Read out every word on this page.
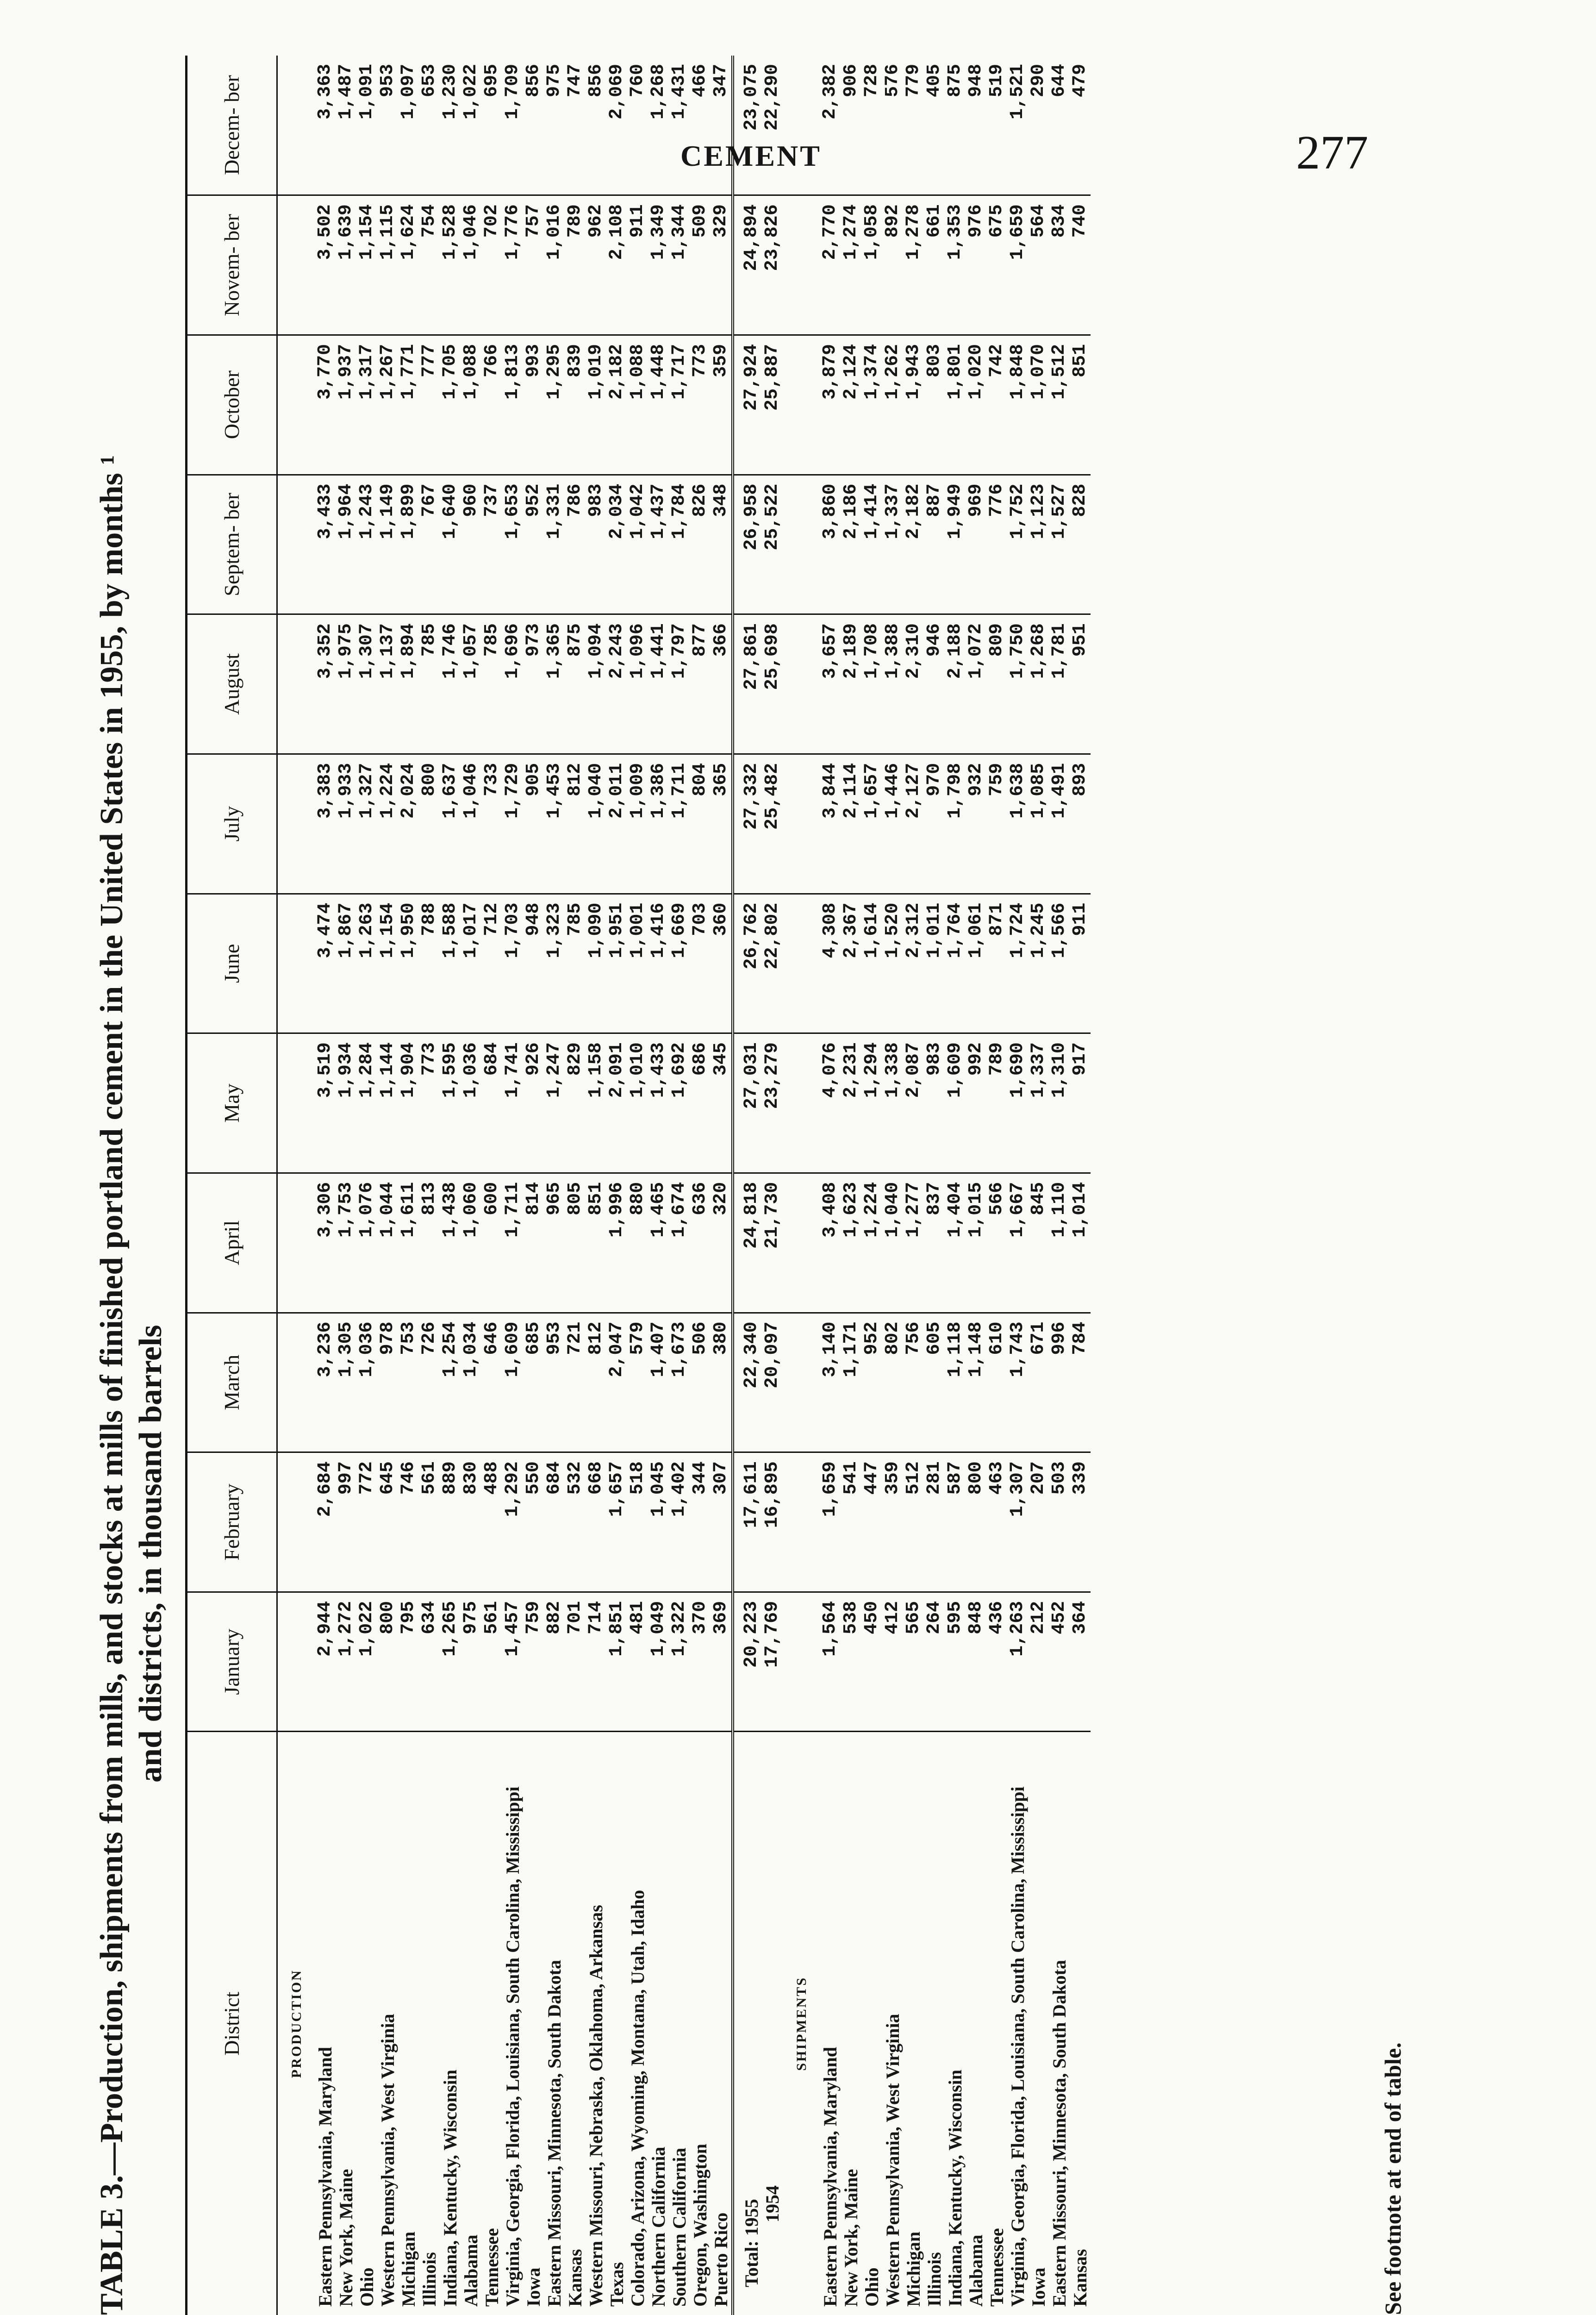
CEMENT	277
TABLE 3.—Production, shipments from mills, and stocks at mills of finished portland cement in the United States in 1955, by months ¹ and districts, in thousand barrels
District	January	February	March	April	May	June	July	August	Septem- ber	October	Novem- ber	Decem- ber
PRODUCTION												
Eastern Pennsylvania, Maryland	2,944	2,684	3,236	3,306	3,519	3,474	3,383	3,352	3,433	3,770	3,502	3,363
New York, Maine	1,272	997	1,305	1,753	1,934	1,867	1,933	1,975	1,964	1,937	1,639	1,487
Ohio	1,022	772	1,036	1,076	1,284	1,263	1,327	1,307	1,243	1,317	1,154	1,091
Western Pennsylvania, West Virginia	800	645	978	1,044	1,144	1,154	1,224	1,137	1,149	1,267	1,115	953
Michigan	795	746	753	1,611	1,904	1,950	2,024	1,894	1,899	1,771	1,624	1,097
Illinois	634	561	726	813	773	788	800	785	767	777	754	653
Indiana, Kentucky, Wisconsin	1,265	889	1,254	1,438	1,595	1,588	1,637	1,746	1,640	1,705	1,528	1,230
Alabama	975	830	1,034	1,060	1,036	1,017	1,046	1,057	960	1,088	1,046	1,022
Tennessee	561	488	646	600	684	712	733	785	737	766	702	695
Virginia, Georgia, Florida, Louisiana, South Carolina, Mississippi	1,457	1,292	1,609	1,711	1,741	1,703	1,729	1,696	1,653	1,813	1,776	1,709
Iowa	759	550	685	814	926	948	905	973	952	993	757	856
Eastern Missouri, Minnesota, South Dakota	882	684	953	965	1,247	1,323	1,453	1,365	1,331	1,295	1,016	975
Kansas	701	532	721	805	829	785	812	875	786	839	789	747
Western Missouri, Nebraska, Oklahoma, Arkansas	714	668	812	851	1,158	1,090	1,040	1,094	983	1,019	962	856
Texas	1,851	1,657	2,047	1,996	2,091	1,951	2,011	2,243	2,034	2,182	2,108	2,069
Colorado, Arizona, Wyoming, Montana, Utah, Idaho	481	518	579	880	1,010	1,001	1,009	1,096	1,042	1,088	911	760
Northern California	1,049	1,045	1,407	1,465	1,433	1,416	1,386	1,441	1,437	1,448	1,349	1,268
Southern California	1,322	1,402	1,673	1,674	1,692	1,669	1,711	1,797	1,784	1,717	1,344	1,431
Oregon, Washington	370	344	506	636	686	703	804	877	826	773	509	466
Puerto Rico	369	307	380	320	345	360	365	366	348	359	329	347
Total: 1955	20,223	17,611	22,340	24,818	27,031	26,762	27,332	27,861	26,958	27,924	24,894	23,075
1954	17,769	16,895	20,097	21,730	23,279	22,802	25,482	25,698	25,522	25,887	23,826	22,290
SHIPMENTS												
Eastern Pennsylvania, Maryland	1,564	1,659	3,140	3,408	4,076	4,308	3,844	3,657	3,860	3,879	2,770	2,382
New York, Maine	538	541	1,171	1,623	2,231	2,367	2,114	2,189	2,186	2,124	1,274	906
Ohio	450	447	952	1,224	1,294	1,614	1,657	1,708	1,414	1,374	1,058	728
Western Pennsylvania, West Virginia	412	359	802	1,040	1,338	1,520	1,446	1,388	1,337	1,262	892	576
Michigan	565	512	756	1,277	2,087	2,312	2,127	2,310	2,182	1,943	1,278	779
Illinois	264	281	605	837	983	1,011	970	946	887	803	661	405
Indiana, Kentucky, Wisconsin	595	587	1,118	1,404	1,609	1,764	1,798	2,188	1,949	1,801	1,353	875
Alabama	848	800	1,148	1,015	992	1,061	932	1,072	969	1,020	976	948
Tennessee	436	463	610	566	789	871	759	809	776	742	675	519
Virginia, Georgia, Florida, Louisiana, South Carolina, Mississippi	1,263	1,307	1,743	1,667	1,690	1,724	1,638	1,750	1,752	1,848	1,659	1,521
Iowa	212	207	671	845	1,337	1,245	1,085	1,268	1,123	1,070	564	290
Eastern Missouri, Minnesota, South Dakota	452	503	996	1,110	1,310	1,566	1,491	1,781	1,527	1,512	834	644
Kansas	364	339	784	1,014	917	911	893	951	828	851	740	479
See footnote at end of table.
